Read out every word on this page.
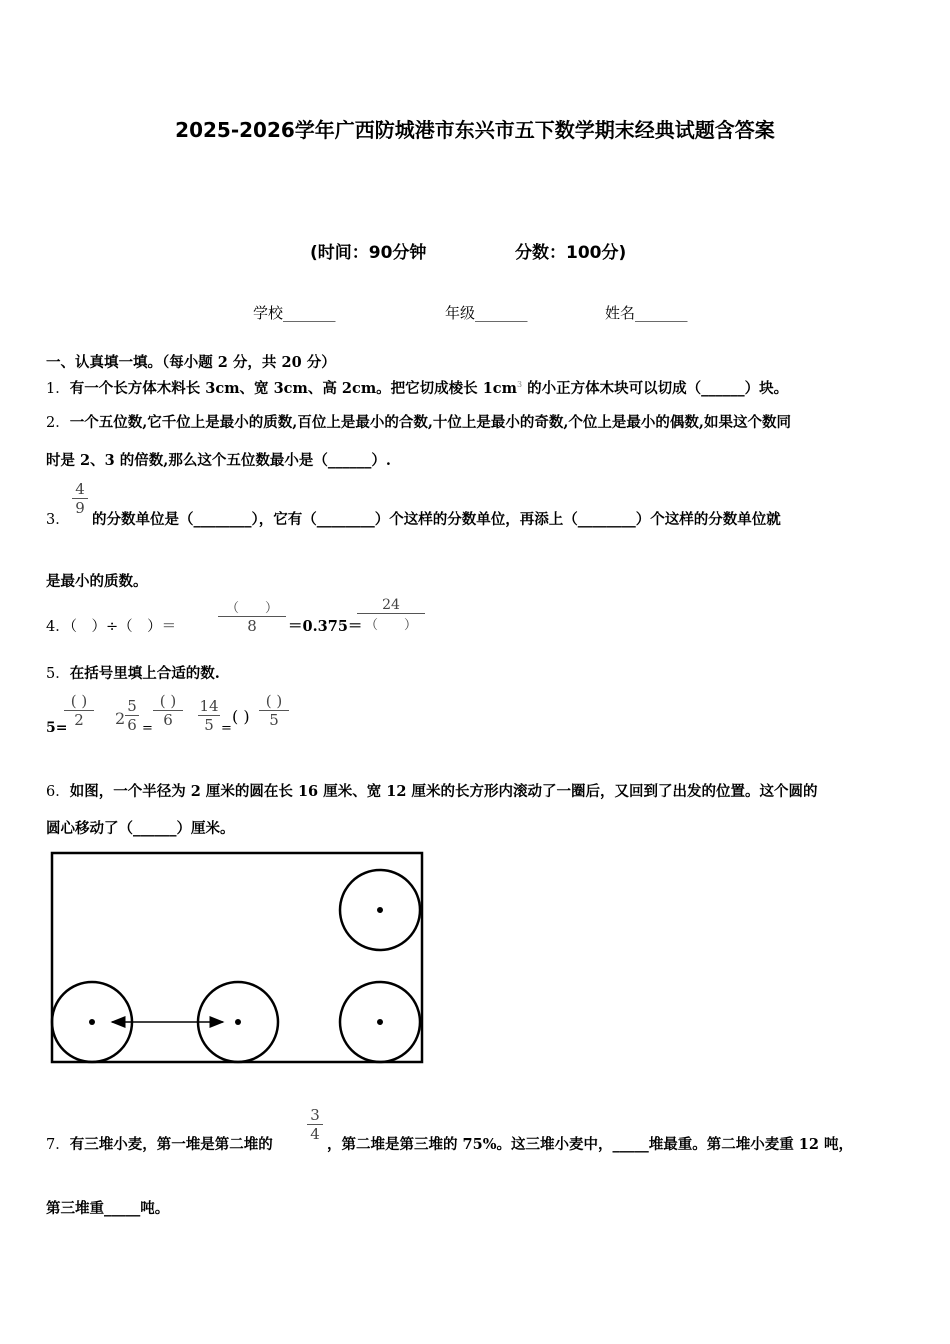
2025-2026学年广西防城港市东兴市五下数学期末经典试题含答案
(时间：90分钟	分数：100分)
学校_______	年级_______	姓名_______
一、认真填一填。（每小题 2 分，共 20 分）
1．有一个长方体木料长 3cm、宽 3cm、高 2cm。把它切成棱长 $1cm^3$ 的小正方体木块可以切成（______）块。
2．一个五位数,它千位上是最小的质数,百位上是最小的合数,十位上是最小的奇数,个位上是最小的偶数,如果这个数同
时是 2、3 的倍数,那么这个五位数最小是（______）.
3．
4
9
的分数单位是（________），它有（________）个这样的分数单位，再添上（________）个这样的分数单位就
是最小的质数。
4．（　）÷（　）＝
（　　）
8	＝0.375＝
24
（　　）
5．在括号里填上合适的数.
5=
( )
2	2
5
6 =
( )
6
14
5 =
( )
( )
5
6．如图，一个半径为 2 厘米的圆在长 16 厘米、宽 12 厘米的长方形内滚动了一圈后，又回到了出发的位置。这个圆的
圆心移动了（______）厘米。
7．有三堆小麦，第一堆是第二堆的
3
4
，第二堆是第三堆的 75%。这三堆小麦中，_____堆最重。第二堆小麦重 12 吨，
第三堆重_____吨。
